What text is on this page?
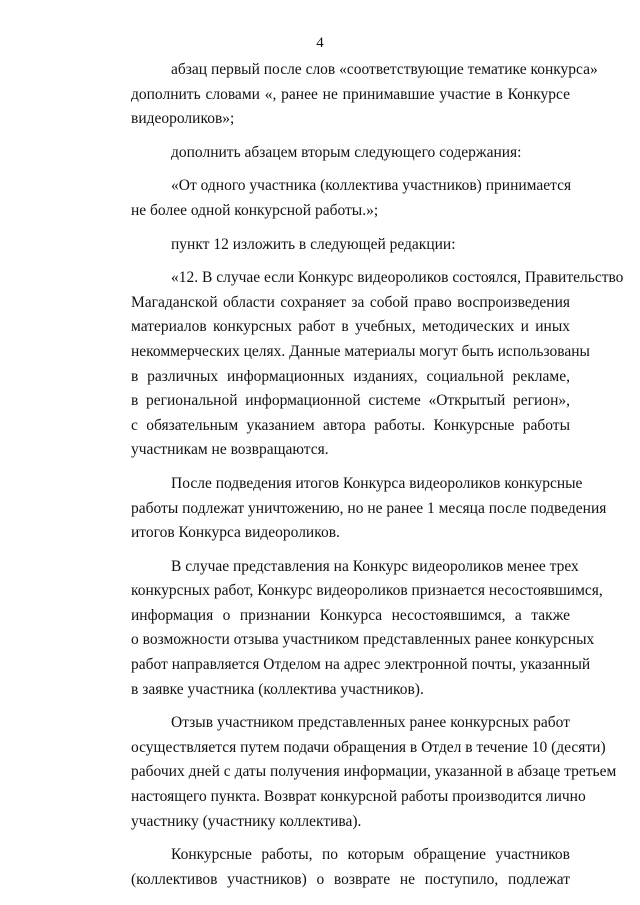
4

абзац первый после слов «соответствующие тематике конкурса»
дополнить словами «, ранее не принимавшие участие в Конкурсе
видеороликов»;

дополнить абзацем вторым следующего содержания:

«От одного участника (коллектива участников) принимается
не более одной конкурсной работы.»;

пункт 12 изложить в следующей редакции:

«12. В случае если Конкурс видеороликов состоялся, Правительство
Магаданской области сохраняет за собой право воспроизведения
материалов конкурсных работ в учебных, методических и иных
некоммерческих целях. Данные материалы могут быть использованы
в различных информационных изданиях, социальной рекламе,
в региональной информационной системе «Открытый регион»,
с обязательным указанием автора работы. Конкурсные работы
участникам не возвращаются.

После подведения итогов Конкурса видеороликов конкурсные
работы подлежат уничтожению, но не ранее 1 месяца после подведения
итогов Конкурса видеороликов.

В случае представления на Конкурс видеороликов менее трех
конкурсных работ, Конкурс видеороликов признается несостоявшимся,
информация о признании Конкурса несостоявшимся, а также
о возможности отзыва участником представленных ранее конкурсных
работ направляется Отделом на адрес электронной почты, указанный
в заявке участника (коллектива участников).

Отзыв участником представленных ранее конкурсных работ
осуществляется путем подачи обращения в Отдел в течение 10 (десяти)
рабочих дней с даты получения информации, указанной в абзаце третьем
настоящего пункта. Возврат конкурсной работы производится лично
участнику (участнику коллектива).

Конкурсные работы, по которым обращение участников
(коллективов участников) о возврате не поступило, подлежат
